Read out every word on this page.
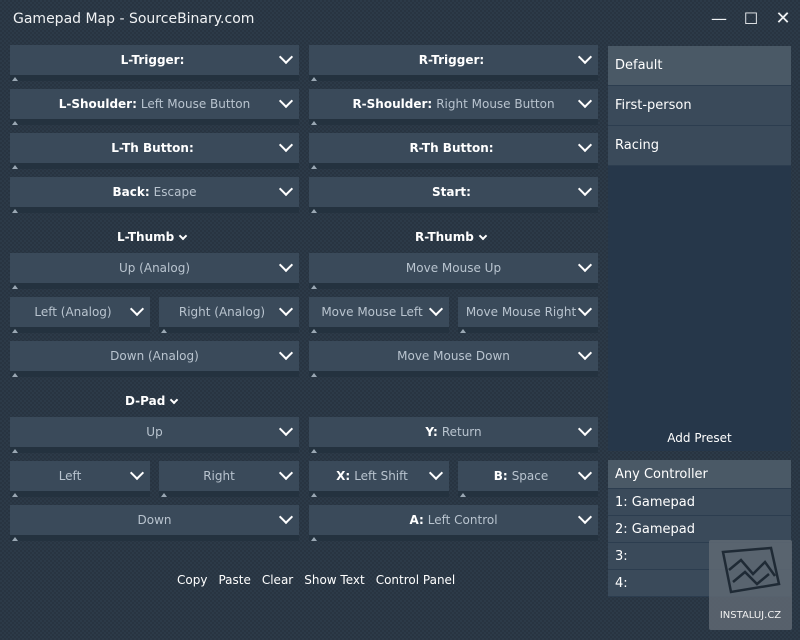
Gamepad Map - SourceBinary.com	— ☐ ✕
L-Trigger:	R-Trigger:
L-Shoulder: Left Mouse Button	R-Shoulder: Right Mouse Button
L-Th Button:	R-Th Button:
Back: Escape	Start:
L-Thumb	R-Thumb
Up (Analog)	Move Mouse Up
Left (Analog)	Right (Analog)	Move Mouse Left	Move Mouse Right
Down (Analog)	Move Mouse Down
D-Pad
Up	Y: Return
Left	Right	X: Left Shift	B: Space
Down	A: Left Control
Copy Paste Clear Show Text Control Panel
Default
First-person
Racing
Add Preset
Any Controller
1: Gamepad
2: Gamepad
3:
4:
INSTALUJ.CZ
